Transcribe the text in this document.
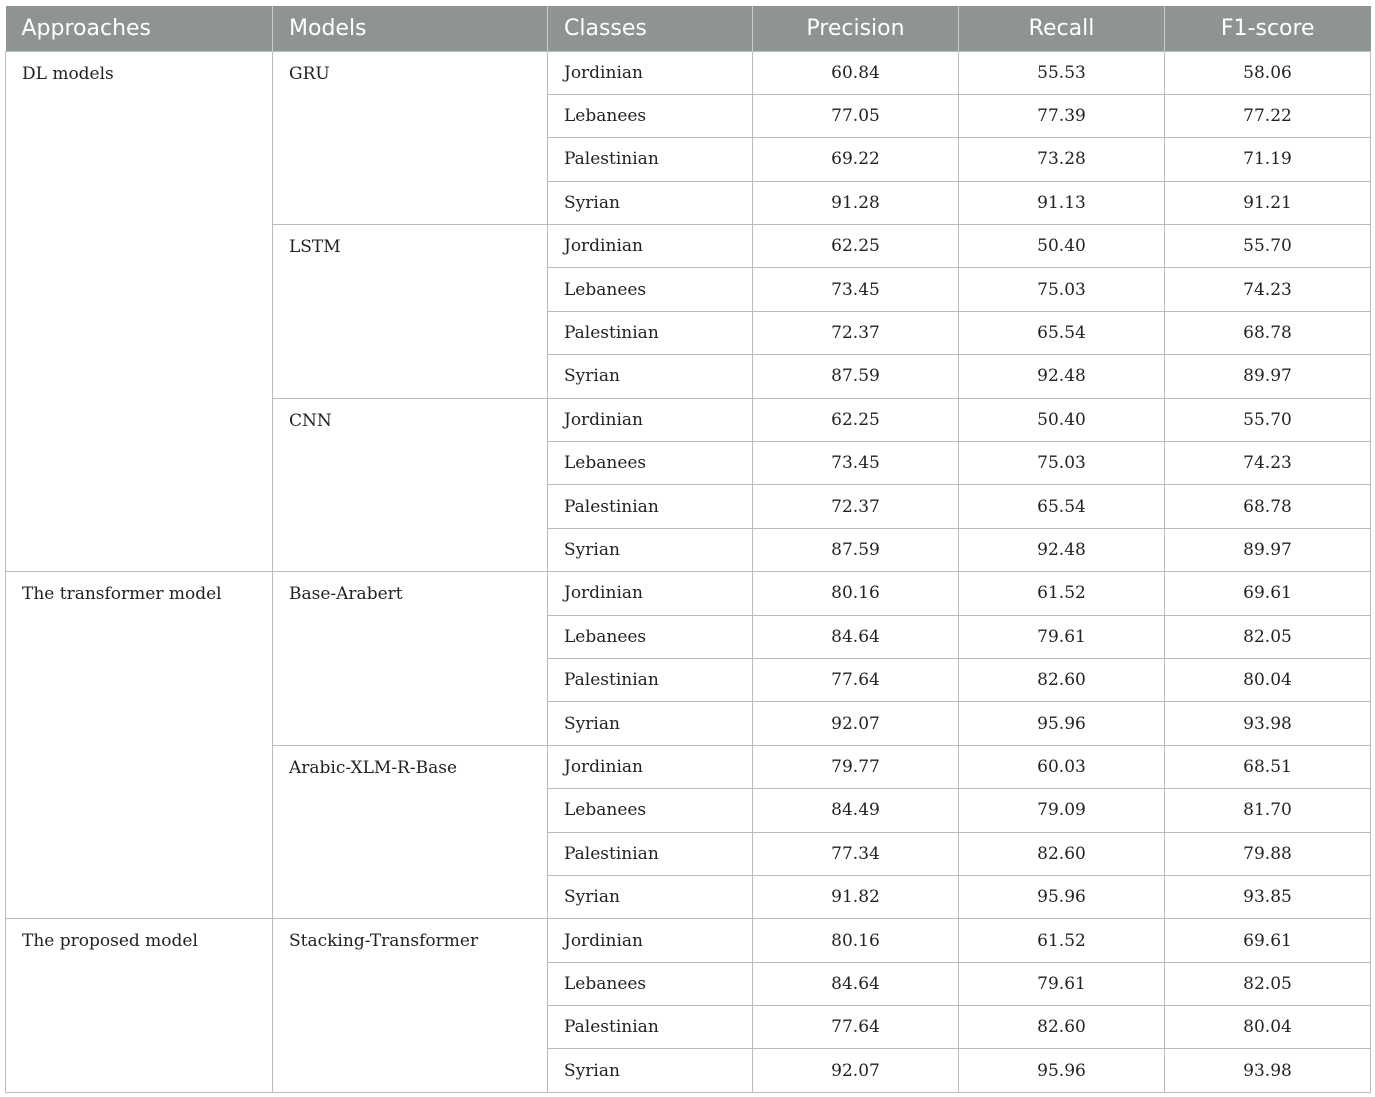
Approaches	Models	Classes	Precision	Recall	F1-score

DL models	GRU	Jordinian	60.84	55.53	58.06
		Lebanees	77.05	77.39	77.22
		Palestinian	69.22	73.28	71.19
		Syrian	91.28	91.13	91.21

	LSTM	Jordinian	62.25	50.40	55.70
		Lebanees	73.45	75.03	74.23
		Palestinian	72.37	65.54	68.78
		Syrian	87.59	92.48	89.97

	CNN	Jordinian	62.25	50.40	55.70
		Lebanees	73.45	75.03	74.23
		Palestinian	72.37	65.54	68.78
		Syrian	87.59	92.48	89.97

The transformer model	Base-Arabert	Jordinian	80.16	61.52	69.61
		Lebanees	84.64	79.61	82.05
		Palestinian	77.64	82.60	80.04
		Syrian	92.07	95.96	93.98

	Arabic-XLM-R-Base	Jordinian	79.77	60.03	68.51
		Lebanees	84.49	79.09	81.70
		Palestinian	77.34	82.60	79.88
		Syrian	91.82	95.96	93.85

The proposed model	Stacking-Transformer	Jordinian	80.16	61.52	69.61
		Lebanees	84.64	79.61	82.05
		Palestinian	77.64	82.60	80.04
		Syrian	92.07	95.96	93.98
